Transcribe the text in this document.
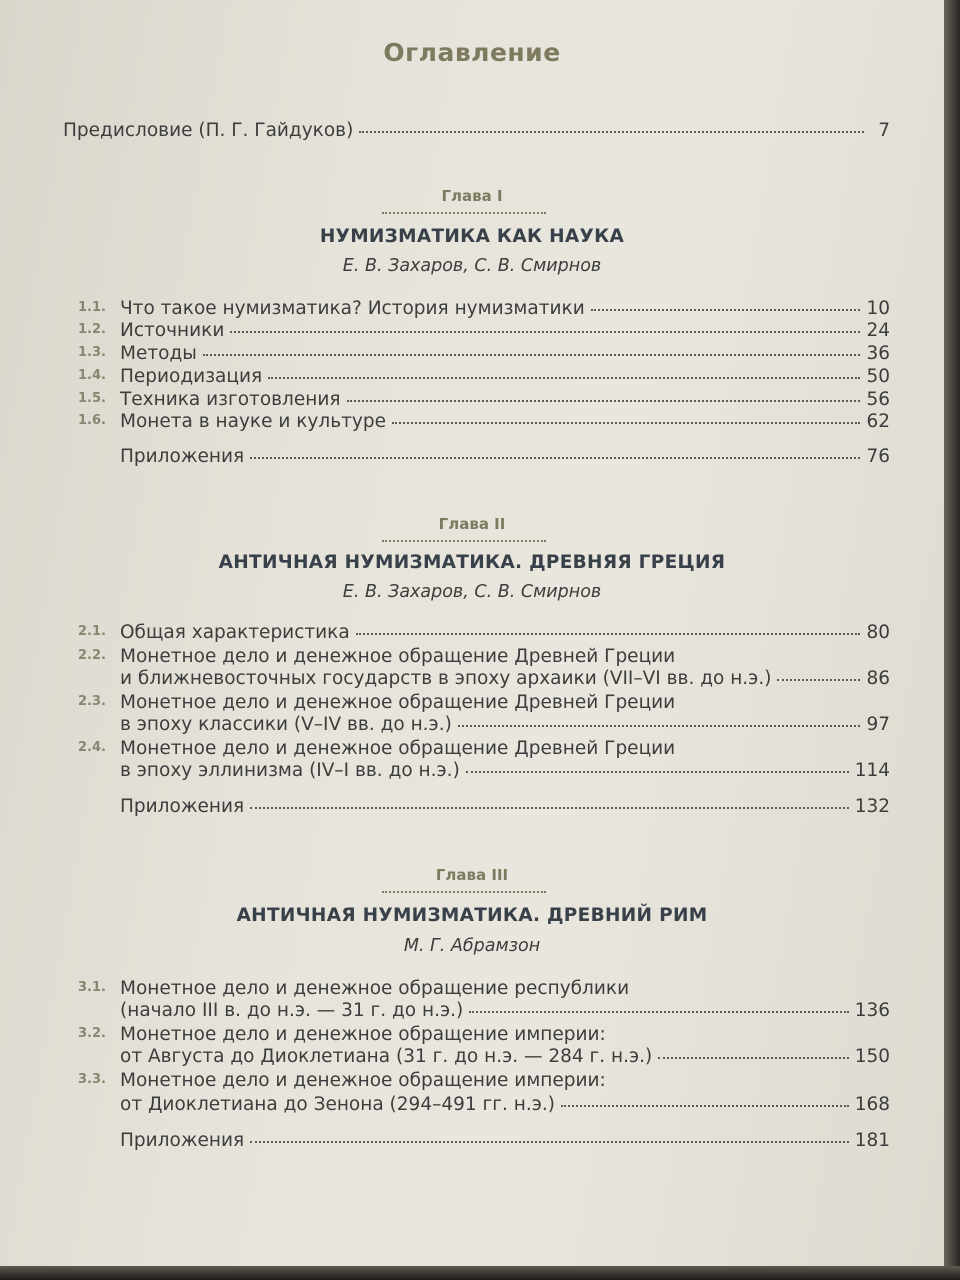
Оглавление
Предисловие (П. Г. Гайдуков)	7
Глава I
НУМИЗМАТИКА КАК НАУКА
Е. В. Захаров, С. В. Смирнов
1.1. Что такое нумизматика? История нумизматики	10
1.2. Источники	24
1.3. Методы	36
1.4. Периодизация	50
1.5. Техника изготовления	56
1.6. Монета в науке и культуре	62
Приложения	76
Глава II
АНТИЧНАЯ НУМИЗМАТИКА. ДРЕВНЯЯ ГРЕЦИЯ
Е. В. Захаров, С. В. Смирнов
2.1. Общая характеристика	80
2.2. Монетное дело и денежное обращение Древней Греции
и ближневосточных государств в эпоху архаики (VII–VI вв. до н.э.)	86
2.3. Монетное дело и денежное обращение Древней Греции
в эпоху классики (V–IV вв. до н.э.)	97
2.4. Монетное дело и денежное обращение Древней Греции
в эпоху эллинизма (IV–I вв. до н.э.)	114
Приложения	132
Глава III
АНТИЧНАЯ НУМИЗМАТИКА. ДРЕВНИЙ РИМ
М. Г. Абрамзон
3.1. Монетное дело и денежное обращение республики
(начало III в. до н.э. — 31 г. до н.э.)	136
3.2. Монетное дело и денежное обращение империи:
от Августа до Диоклетиана (31 г. до н.э. — 284 г. н.э.)	150
3.3. Монетное дело и денежное обращение империи:
от Диоклетиана до Зенона (294–491 гг. н.э.)	168
Приложения	181
